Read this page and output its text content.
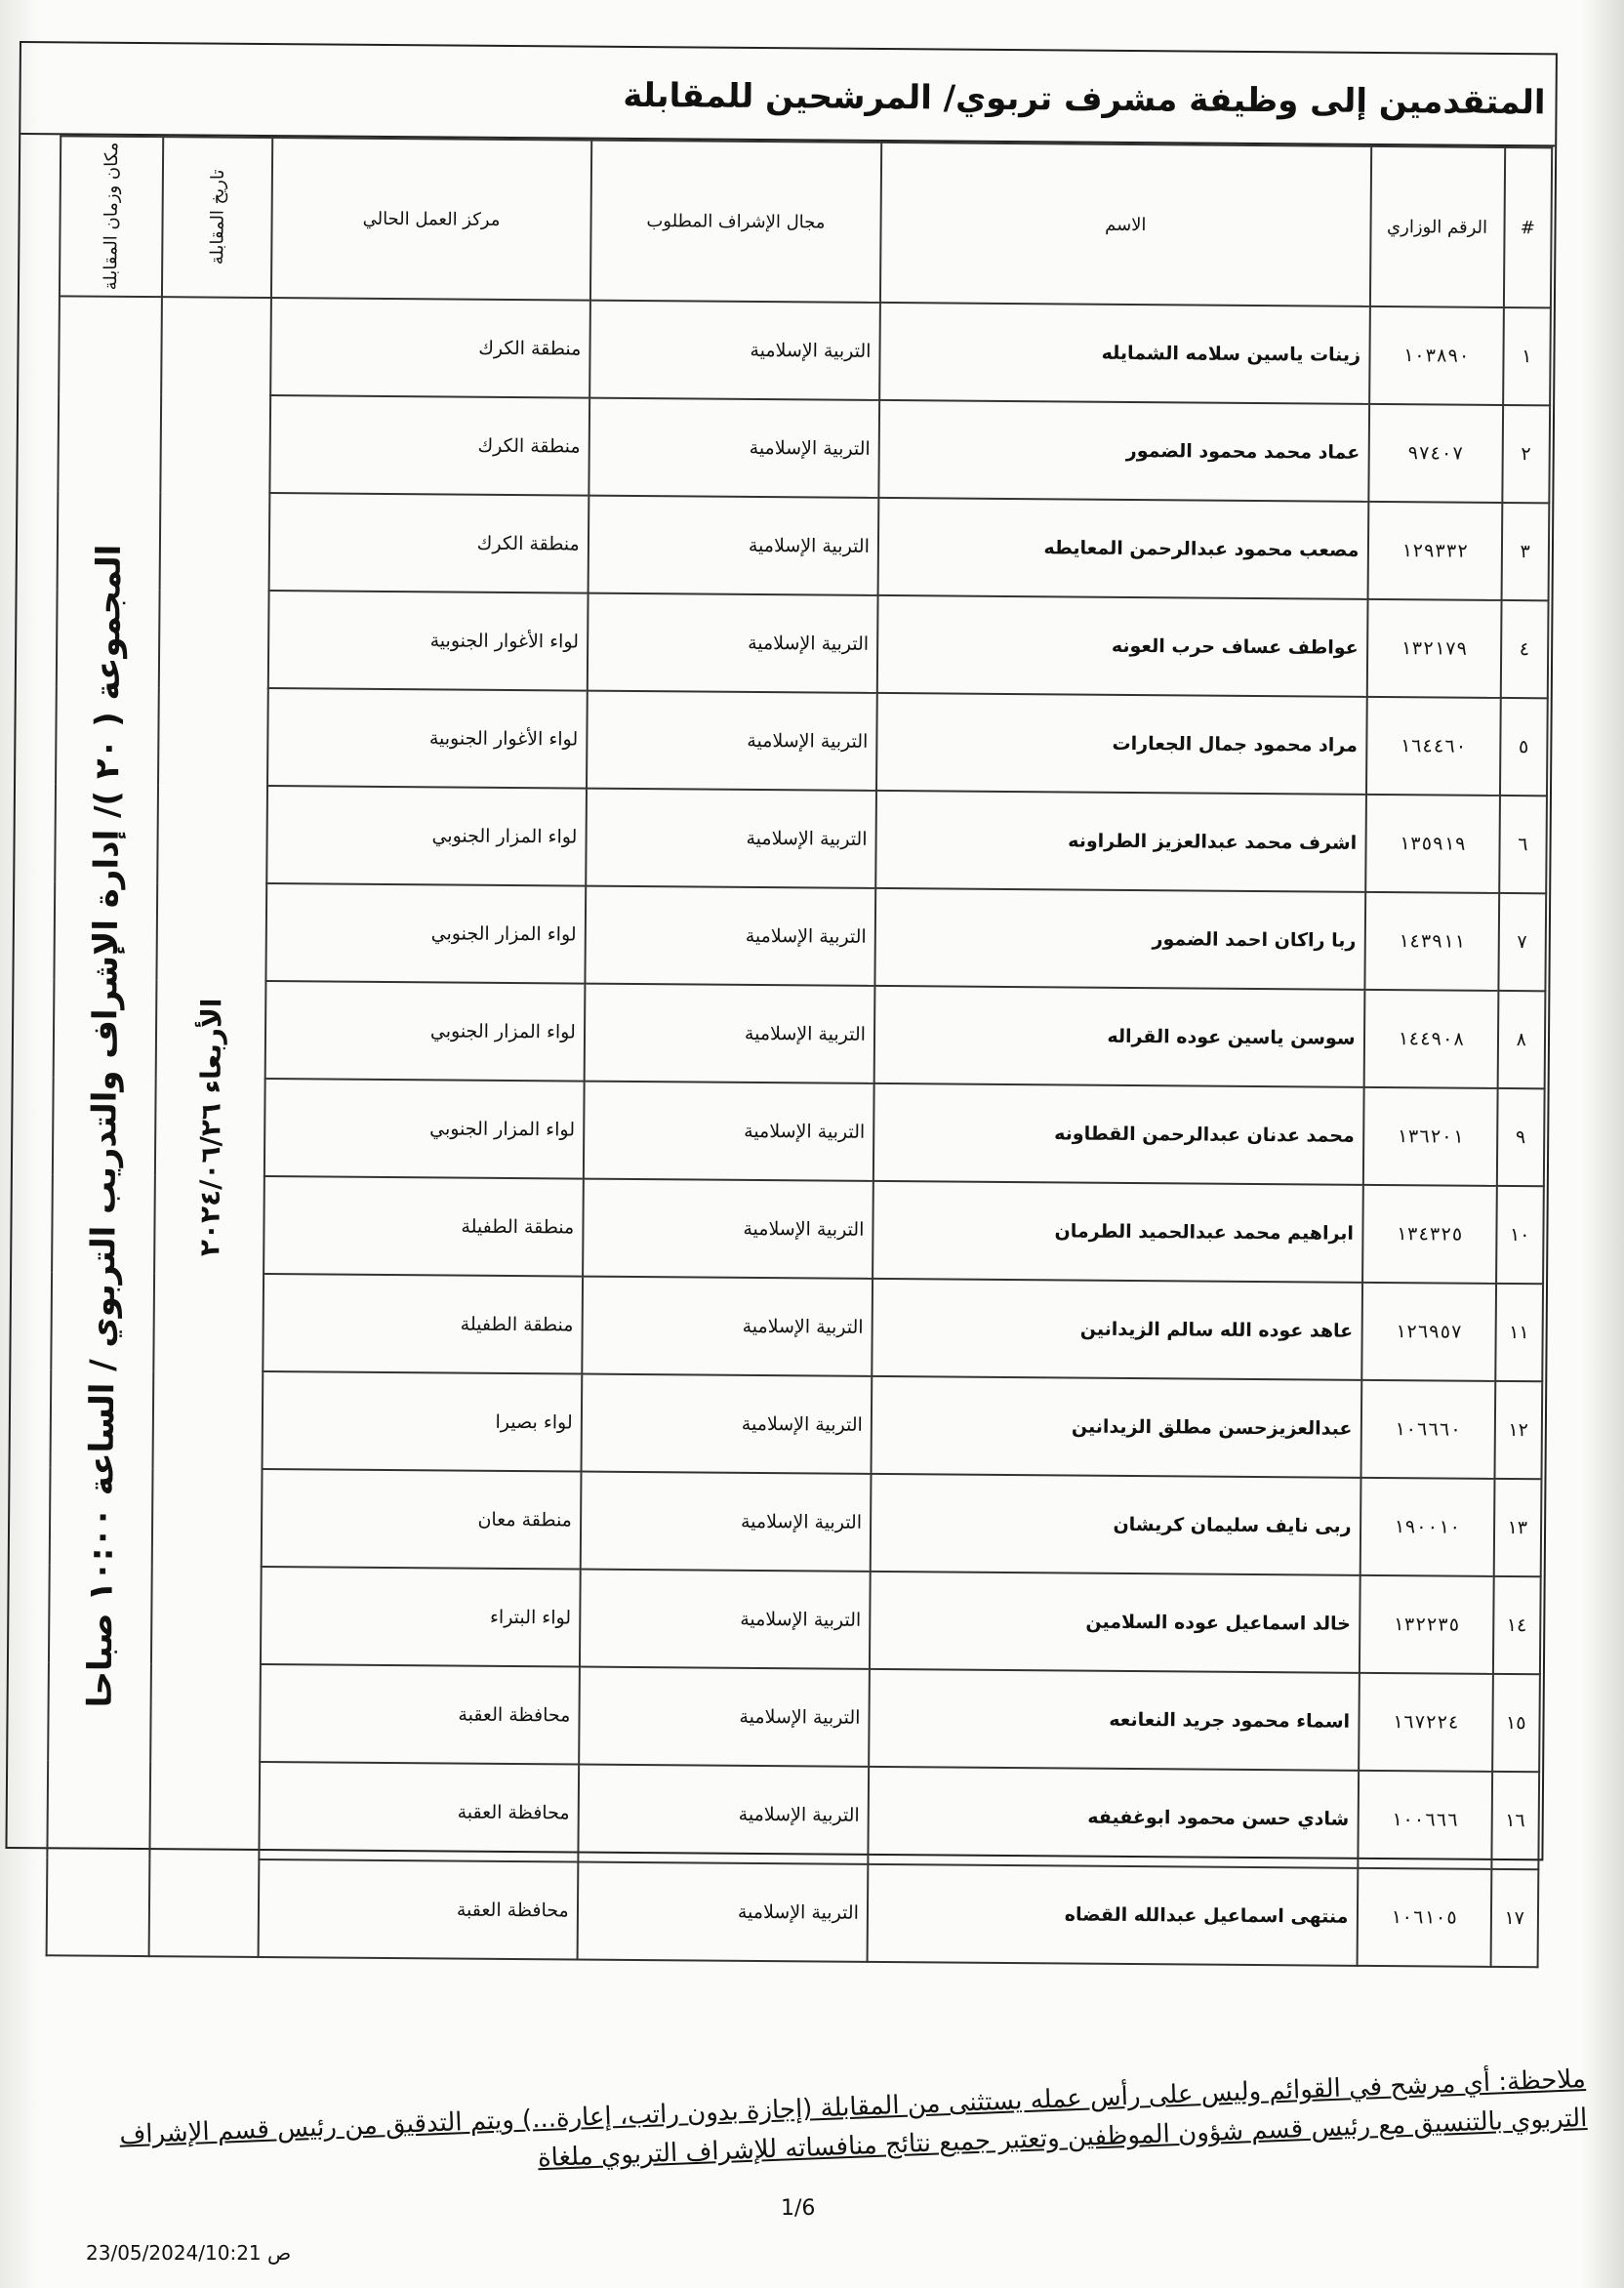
المتقدمين إلى وظيفة مشرف تربوي/ المرشحين للمقابلة
#	الرقم الوزاري	الاسم	مجال الإشراف المطلوب	مركز العمل الحالي	تاريخ المقابلة	مكان وزمان المقابلة

١	١٠٣٨٩٠	زينات ياسين سلامه الشمايله	التربية الإسلامية	منطقة الكرك	الأربعاء ٢٠٢٤/٠٦/٢٦	المجموعة ( ٢٠ )/ إدارة الإشراف والتدريب التربوي / الساعة ١٠:٠٠ صباحا

٢	٩٧٤٠٧	عماد محمد محمود الضمور	التربية الإسلامية	منطقة الكرك		
٣	١٢٩٣٣٢	مصعب محمود عبدالرحمن المعايطه	التربية الإسلامية	منطقة الكرك		
٤	١٣٢١٧٩	عواطف عساف حرب العونه	التربية الإسلامية	لواء الأغوار الجنوبية		
٥	١٦٤٤٦٠	مراد محمود جمال الجعارات	التربية الإسلامية	لواء الأغوار الجنوبية		
٦	١٣٥٩١٩	اشرف محمد عبدالعزيز الطراونه	التربية الإسلامية	لواء المزار الجنوبي		
٧	١٤٣٩١١	ربا راكان احمد الضمور	التربية الإسلامية	لواء المزار الجنوبي		
٨	١٤٤٩٠٨	سوسن ياسين عوده القراله	التربية الإسلامية	لواء المزار الجنوبي		
٩	١٣٦٢٠١	محمد عدنان عبدالرحمن القطاونه	التربية الإسلامية	لواء المزار الجنوبي		
١٠	١٣٤٣٢٥	ابراهيم محمد عبدالحميد الطرمان	التربية الإسلامية	منطقة الطفيلة		
١١	١٢٦٩٥٧	عاهد عوده الله سالم الزيدانين	التربية الإسلامية	منطقة الطفيلة		
١٢	١٠٦٦٦٠	عبدالعزيزحسن مطلق الزيدانين	التربية الإسلامية	لواء بصيرا		
١٣	١٩٠٠١٠	ربى نايف سليمان كريشان	التربية الإسلامية	منطقة معان		
١٤	١٣٢٢٣٥	خالد اسماعيل عوده السلامين	التربية الإسلامية	لواء البتراء		
١٥	١٦٧٢٢٤	اسماء محمود جريد النعانعه	التربية الإسلامية	محافظة العقبة		
١٦	١٠٠٦٦٦	شادي حسن محمود ابوغفيفه	التربية الإسلامية	محافظة العقبة		
١٧	١٠٦١٠٥	منتهى اسماعيل عبدالله القضاه	التربية الإسلامية	محافظة العقبة		
ملاحظة: أي مرشح في القوائم وليس على رأس عمله يستثنى من المقابلة (إجازة بدون راتب، إعارة...) ويتم التدقيق من رئيس قسم الإشراف التربوي بالتنسيق مع رئيس قسم شؤون الموظفين وتعتبر جميع نتائج منافساته للإشراف التربوي ملغاة
1/6
23/05/2024/10:21 ص
